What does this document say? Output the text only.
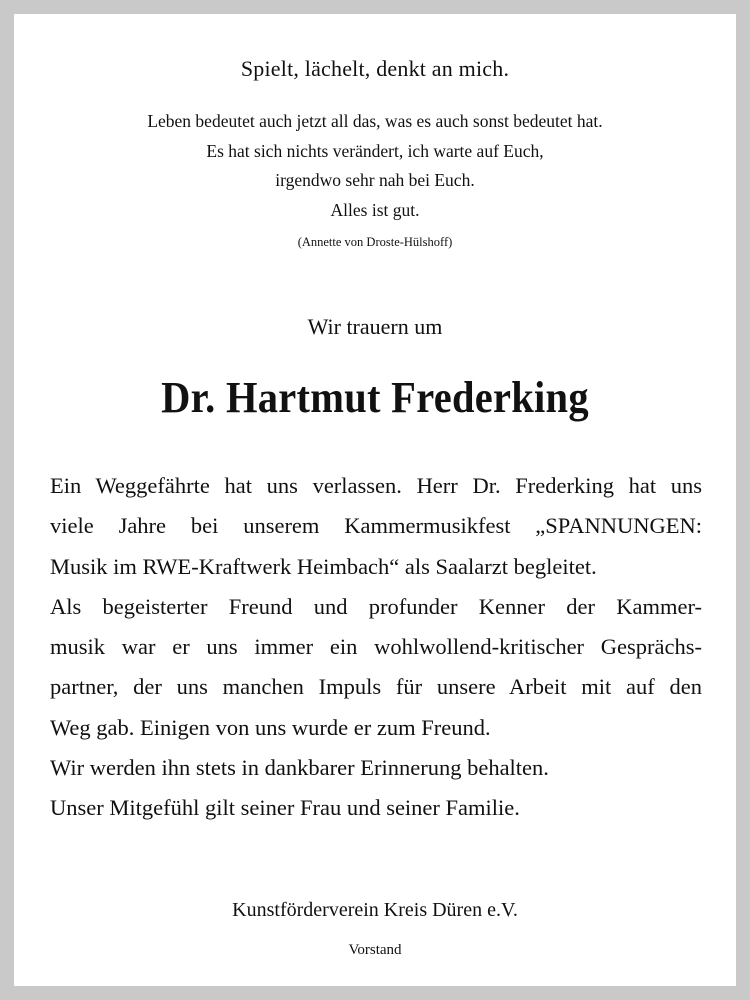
Spielt, lächelt, denkt an mich.
Leben bedeutet auch jetzt all das, was es auch sonst bedeutet hat.
Es hat sich nichts verändert, ich warte auf Euch,
irgendwo sehr nah bei Euch.
Alles ist gut.
(Annette von Droste-Hülshoff)
Wir trauern um
Dr. Hartmut Frederking
Ein Weggefährte hat uns verlassen. Herr Dr. Frederking hat uns
viele Jahre bei unserem Kammermusikfest „SPANNUNGEN:
Musik im RWE-Kraftwerk Heimbach“ als Saalarzt begleitet.
Als begeisterter Freund und profunder Kenner der Kammer-
musik war er uns immer ein wohlwollend-kritischer Gesprächs-
partner, der uns manchen Impuls für unsere Arbeit mit auf den
Weg gab. Einigen von uns wurde er zum Freund.
Wir werden ihn stets in dankbarer Erinnerung behalten.
Unser Mitgefühl gilt seiner Frau und seiner Familie.
Kunstförderverein Kreis Düren e.V.
Vorstand
